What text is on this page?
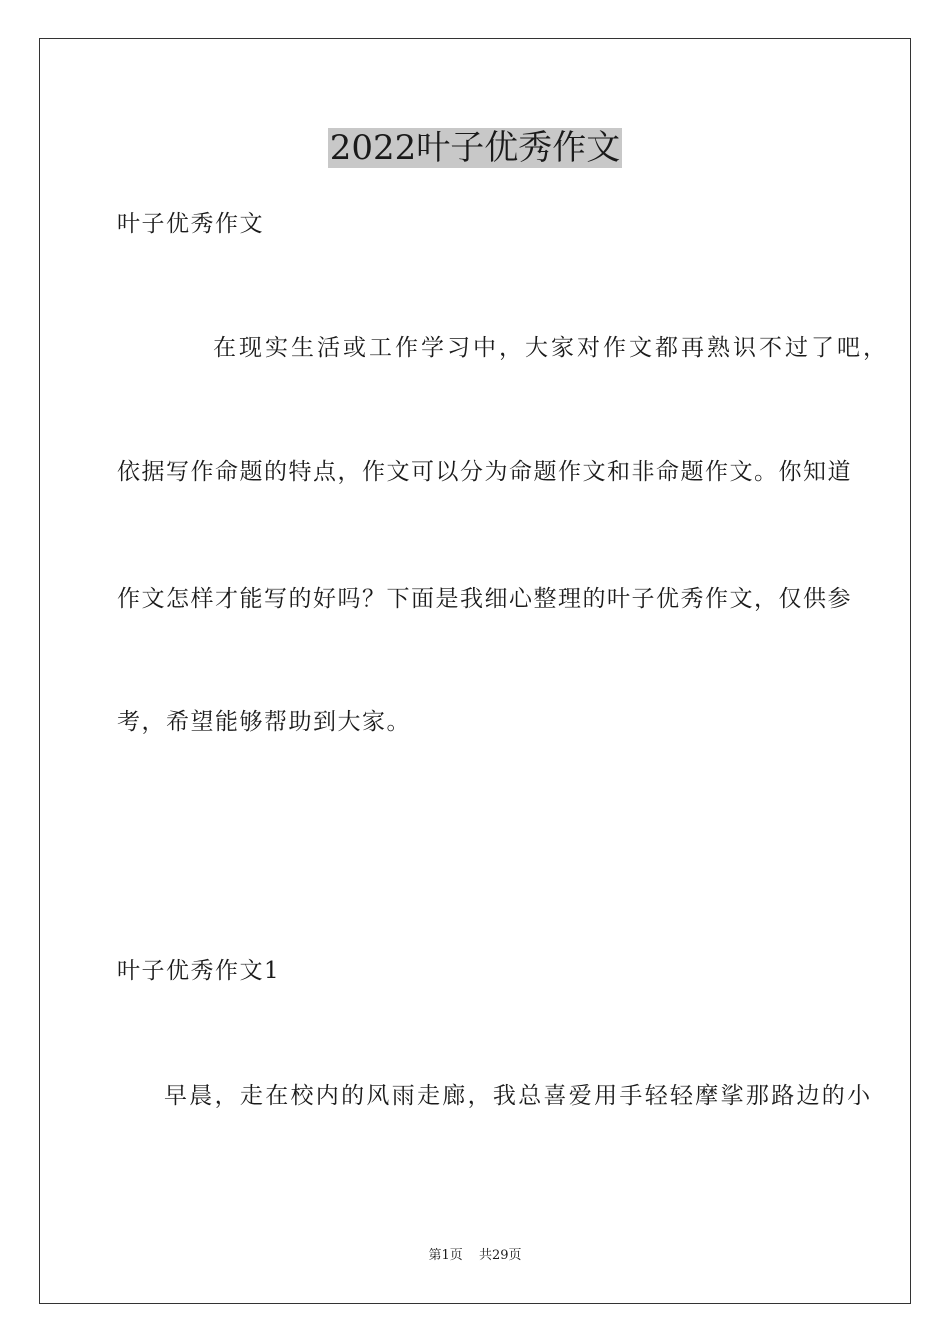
2022叶子优秀作文

叶子优秀作文

在现实生活或工作学习中，大家对作文都再熟识不过了吧，

依据写作命题的特点，作文可以分为命题作文和非命题作文。你知道

作文怎样才能写的好吗？下面是我细心整理的叶子优秀作文，仅供参

考，希望能够帮助到大家。

叶子优秀作文1

早晨，走在校内的风雨走廊，我总喜爱用手轻轻摩挲那路边的小

第1页 共29页
